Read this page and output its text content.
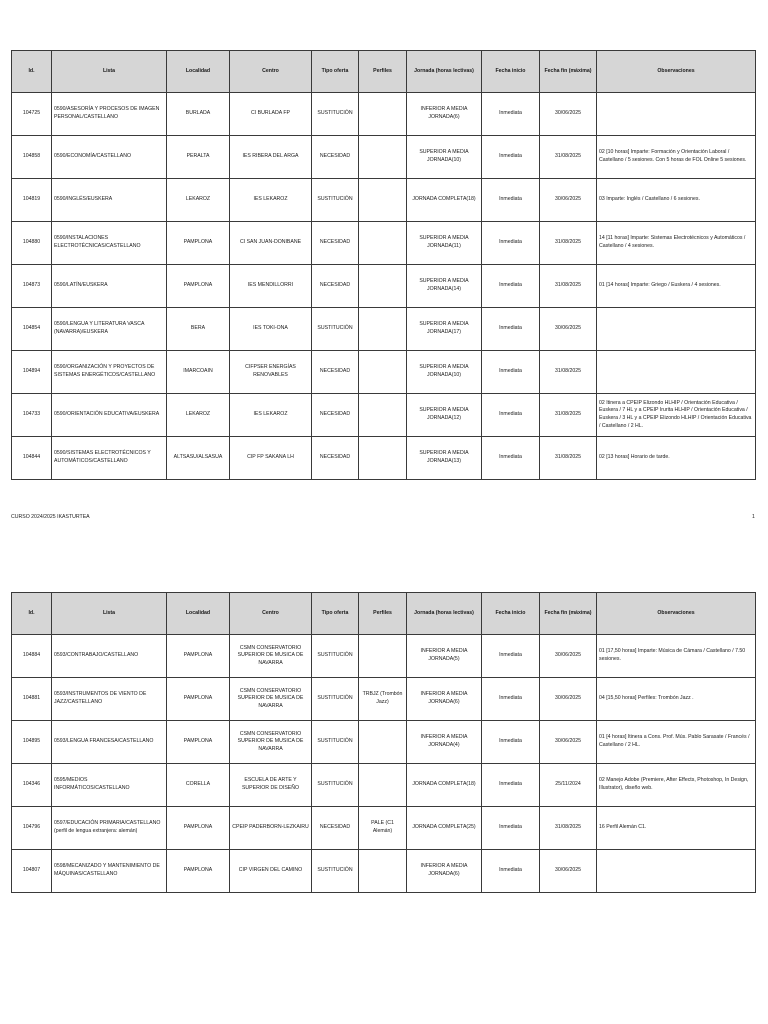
Id.	Lista	Localidad	Centro	Tipo oferta	Perfiles	Jornada (horas lectivas)	Fecha inicio	Fecha fin (máxima)	Observaciones
104725	0590/ASESORÍA Y PROCESOS DE IMAGEN PERSONAL/CASTELLANO	BURLADA	CI BURLADA FP	SUSTITUCIÓN		INFERIOR A MEDIA JORNADA(6)	Inmediata	30/06/2025	
104858	0590/ECONOMÍA/CASTELLANO	PERALTA	IES RIBERA DEL ARGA	NECESIDAD		SUPERIOR A MEDIA JORNADA(10)	Inmediata	31/08/2025	02 [10 horas] Imparte: Formación y Orientación Laboral / Castellano / 5 sesiones. Con 5 horas de FOL Online 5 sesiones.
104819	0590/INGLÉS/EUSKERA	LEKAROZ	IES LEKAROZ	SUSTITUCIÓN		JORNADA COMPLETA(18)	Inmediata	30/06/2025	03 Imparte: Inglés / Castellano / 6 sesiones.
104880	0590/INSTALACIONES ELECTROTÉCNICAS/CASTELLANO	PAMPLONA	CI SAN JUAN-DONIBANE	NECESIDAD		SUPERIOR A MEDIA JORNADA(11)	Inmediata	31/08/2025	14 [11 horas] Imparte: Sistemas Electrotécnicos y Automáticos / Castellano / 4 sesiones.
104873	0590/LATÍN/EUSKERA	PAMPLONA	IES MENDILLORRI	NECESIDAD		SUPERIOR A MEDIA JORNADA(14)	Inmediata	31/08/2025	01 [14 horas] Imparte: Griego / Euskera / 4 sesiones.
104854	0590/LENGUA Y LITERATURA VASCA (NAVARRA)/EUSKERA	BERA	IES TOKI-ONA	SUSTITUCIÓN		SUPERIOR A MEDIA JORNADA(17)	Inmediata	30/06/2025	
104894	0590/ORGANIZACIÓN Y PROYECTOS DE SISTEMAS ENERGÉTICOS/CASTELLANO	IMARCOAIN	CIFPSER ENERGÍAS RENOVABLES	NECESIDAD		SUPERIOR A MEDIA JORNADA(10)	Inmediata	31/08/2025	
104733	0590/ORIENTACIÓN EDUCATIVA/EUSKERA	LEKAROZ	IES LEKAROZ	NECESIDAD		SUPERIOR A MEDIA JORNADA(12)	Inmediata	31/08/2025	02 Itinera a CPEIP Elizondo HLHIP / Orientación Educativa / Euskera / 7 HL y a CPEIP Irurita HLHIP / Orientación Educativa / Euskera / 3 HL y a CPEIP Elizondo HLHIP / Orientación Educativa / Castellano / 2 HL.
104844	0590/SISTEMAS ELECTROTÉCNICOS Y AUTOMÁTICOS/CASTELLANO	ALTSASU/ALSASUA	CIP FP SAKANA LH	NECESIDAD		SUPERIOR A MEDIA JORNADA(13)	Inmediata	31/08/2025	02 [13 horas] Horario de tarde.
CURSO 2024/2025 IKASTURTEA	1
Id.	Lista	Localidad	Centro	Tipo oferta	Perfiles	Jornada (horas lectivas)	Fecha inicio	Fecha fin (máxima)	Observaciones
104884	0593/CONTRABAJO/CASTELLANO	PAMPLONA	CSMN CONSERVATORIO SUPERIOR DE MUSICA DE NAVARRA	SUSTITUCIÓN		INFERIOR A MEDIA JORNADA(5)	Inmediata	30/06/2025	01 [17,50 horas] Imparte: Música de Cámara / Castellano / 7.50 sesiones.
104881	0593/INSTRUMENTOS DE VIENTO DE JAZZ/CASTELLANO	PAMPLONA	CSMN CONSERVATORIO SUPERIOR DE MUSICA DE NAVARRA	SUSTITUCIÓN	TRBJZ (Trombón Jazz)	INFERIOR A MEDIA JORNADA(6)	Inmediata	30/06/2025	04 [15,50 horas] Perfiles: Trombón Jazz .
104895	0593/LENGUA FRANCESA/CASTELLANO	PAMPLONA	CSMN CONSERVATORIO SUPERIOR DE MUSICA DE NAVARRA	SUSTITUCIÓN		INFERIOR A MEDIA JORNADA(4)	Inmediata	30/06/2025	01 [4 horas] Itinera a Cons. Prof. Mús. Pablo Sarasate / Francés / Castellano / 2 HL.
104346	0595/MEDIOS INFORMÁTICOS/CASTELLANO	CORELLA	ESCUELA DE ARTE Y SUPERIOR DE DISEÑO	SUSTITUCIÓN		JORNADA COMPLETA(18)	Inmediata	25/11/2024	02 Manejo Adobe (Premiere, After Effects, Photoshop, In Design, Illustrator), diseño web.
104796	0597/EDUCACIÓN PRIMARIA/CASTELLANO (perfil de lengua extranjera: alemán)	PAMPLONA	CPEIP PADERBORN-LEZKAIRU	NECESIDAD	PALE (C1 Alemán)	JORNADA COMPLETA(25)	Inmediata	31/08/2025	16 Perfil Alemán C1.
104807	0598/MECANIZADO Y MANTENIMIENTO DE MÁQUINAS/CASTELLANO	PAMPLONA	CIP VIRGEN DEL CAMINO	SUSTITUCIÓN		INFERIOR A MEDIA JORNADA(6)	Inmediata	30/06/2025	
